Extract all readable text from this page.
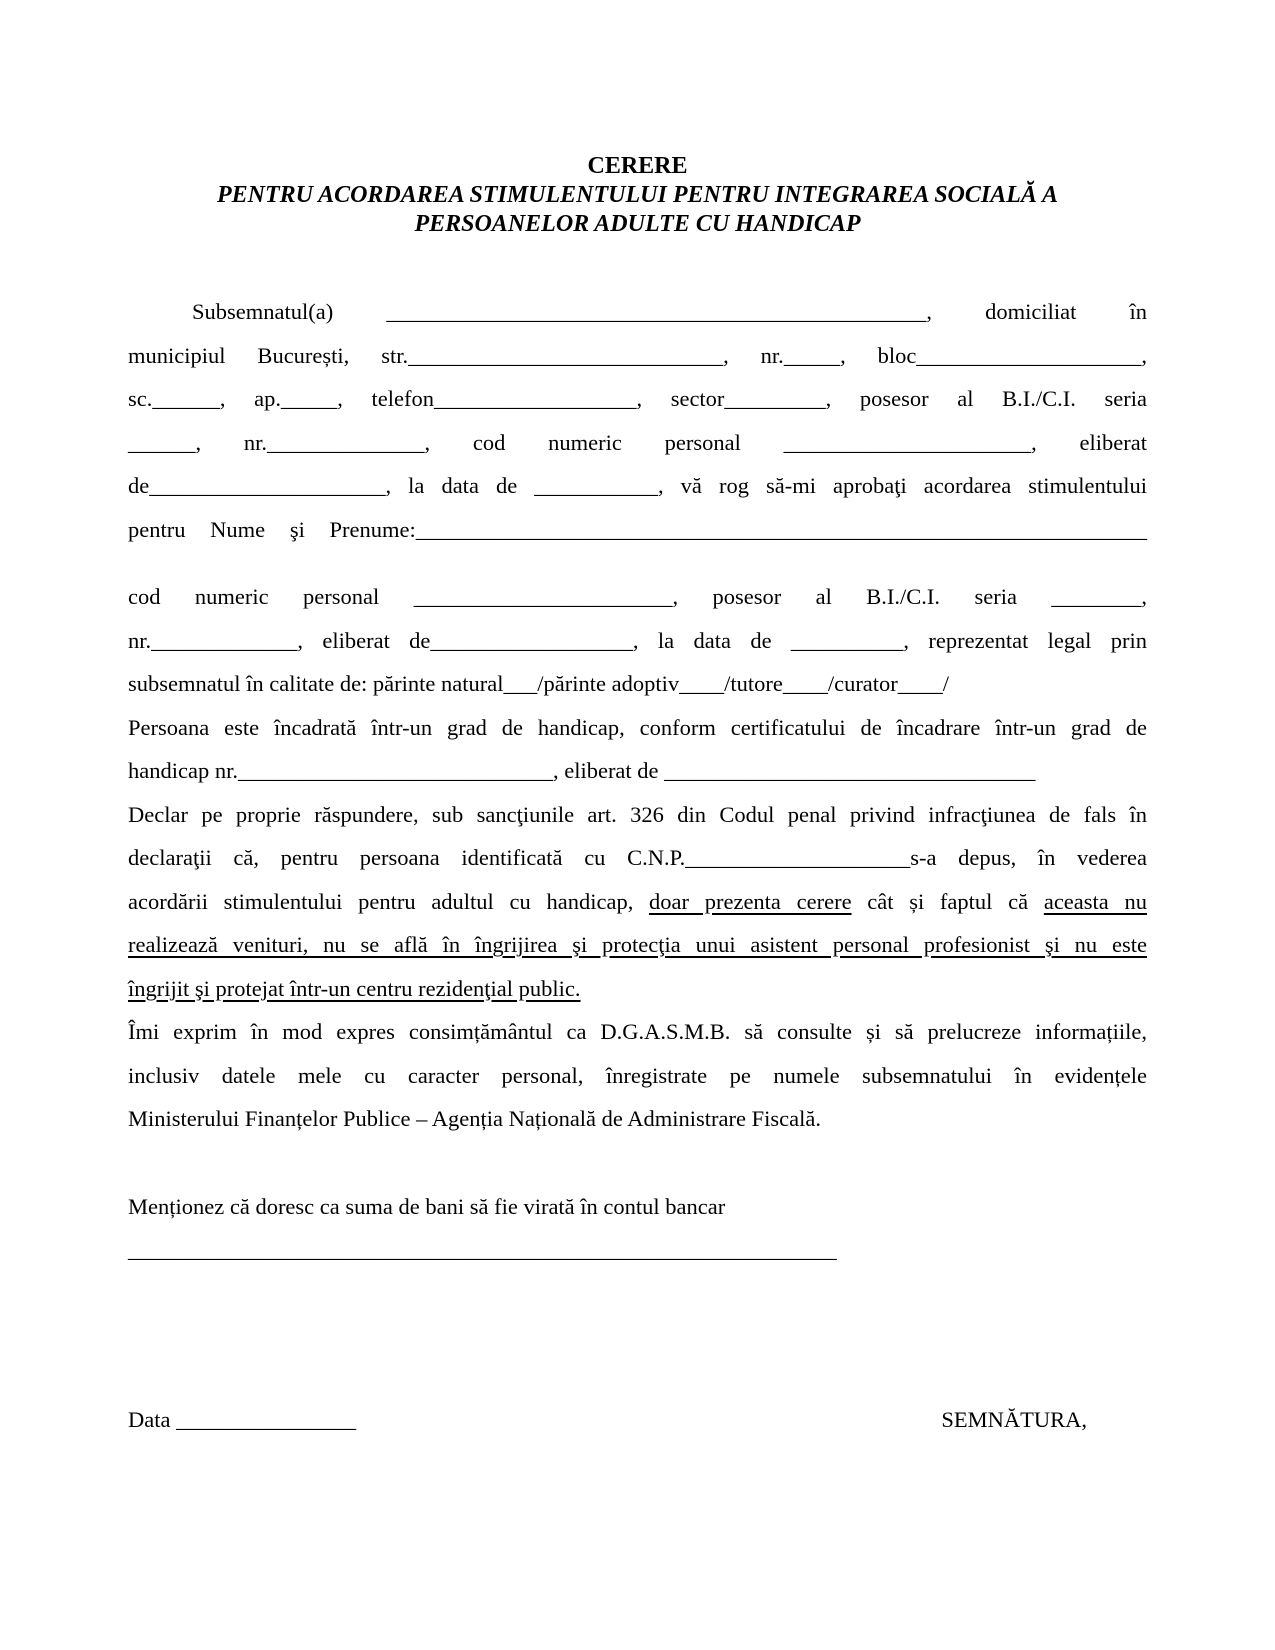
CERERE
PENTRU ACORDAREA STIMULENTULUI PENTRU INTEGRAREA SOCIALĂ A
PERSOANELOR ADULTE CU HANDICAP
Subsemnatul(a) ________________________________________________, domiciliat în
municipiul București, str.____________________________, nr._____, bloc____________________,
sc.______, ap._____, telefon__________________, sector_________, posesor al B.I./C.I. seria
______, nr.______________, cod numeric personal ______________________, eliberat
de_____________________, la data de ___________, vă rog să-mi aprobaţi acordarea stimulentului
pentru Nume şi Prenume:_________________________________________________________________
cod numeric personal _______________________, posesor al B.I./C.I. seria ________,
nr._____________, eliberat de__________________, la data de __________, reprezentat legal prin
subsemnatul în calitate de: părinte natural___/părinte adoptiv____/tutore____/curator____/
Persoana este încadrată într-un grad de handicap, conform certificatului de încadrare într-un grad de
handicap nr.____________________________, eliberat de _________________________________
Declar pe proprie răspundere, sub sancţiunile art. 326 din Codul penal privind infracţiunea de fals în
declaraţii că, pentru persoana identificată cu C.N.P.____________________s-a depus, în vederea
acordării stimulentului pentru adultul cu handicap, doar prezenta cerere cât și faptul că aceasta nu
realizează venituri, nu se află în îngrijirea şi protecţia unui asistent personal profesionist şi nu este
îngrijit şi protejat într-un centru rezidenţial public.
Îmi exprim în mod expres consimțământul ca D.G.A.S.M.B. să consulte și să prelucreze informațiile,
inclusiv datele mele cu caracter personal, înregistrate pe numele subsemnatului în evidențele
Ministerului Finanțelor Publice – Agenția Națională de Administrare Fiscală.
Menționez că doresc ca suma de bani să fie virată în contul bancar
_______________________________________________________________
Data ________________	SEMNĂTURA,
